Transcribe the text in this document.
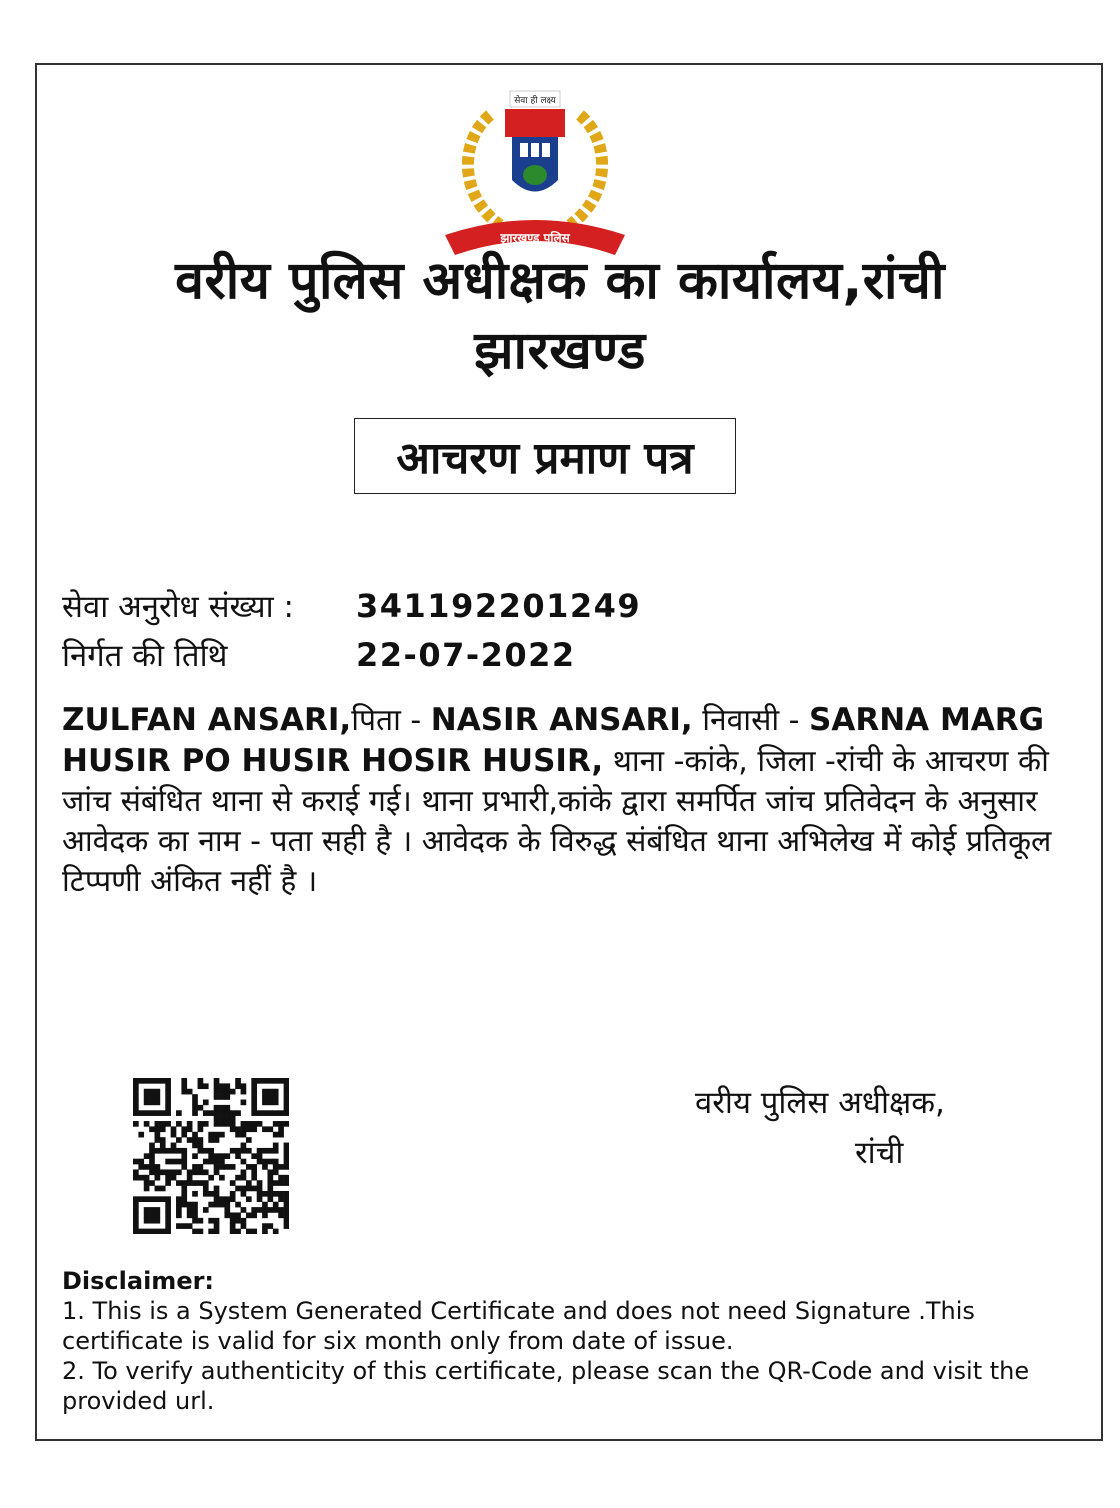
सेवा ही लक्ष्य
झारखण्ड पुलिस
वरीय पुलिस अधीक्षक का कार्यालय,रांची
झारखण्ड
आचरण प्रमाण पत्र
सेवा अनुरोध संख्या :	341192201249
निर्गत की तिथि	22-07-2022
ZULFAN ANSARI,पिता - NASIR ANSARI, निवासी - SARNA MARG HUSIR PO HUSIR HOSIR HUSIR, थाना -कांके, जिला -रांची के आचरण की जांच संबंधित थाना से कराई गई। थाना प्रभारी,कांके द्वारा समर्पित जांच प्रतिवेदन के अनुसार आवेदक का नाम - पता सही है । आवेदक के विरुद्ध संबंधित थाना अभिलेख में कोई प्रतिकूल टिप्पणी अंकित नहीं है ।
वरीय पुलिस अधीक्षक,
रांची
Disclaimer:
1. This is a System Generated Certificate and does not need Signature .This certificate is valid for six month only from date of issue.
2. To verify authenticity of this certificate, please scan the QR-Code and visit the provided url.
